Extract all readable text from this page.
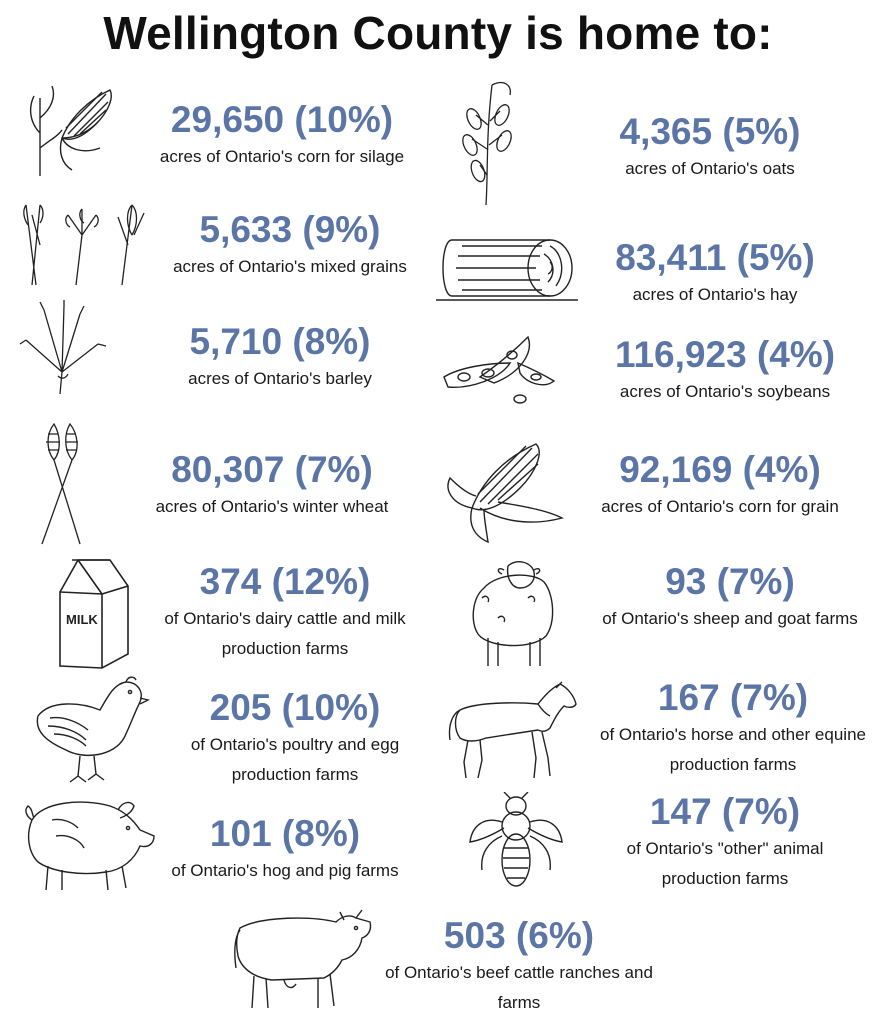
Wellington County is home to:
29,650 (10%)
acres of Ontario's corn for silage
4,365 (5%)
acres of Ontario's oats
5,633 (9%)
acres of Ontario's mixed grains	83,411 (5%)
acres of Ontario's hay
5,710 (8%)
acres of Ontario's barley
116,923 (4%)
acres of Ontario's soybeans
80,307 (7%)
acres of Ontario's winter wheat
92,169 (4%)
acres of Ontario's corn for grain
MILK
374 (12%)
of Ontario's dairy cattle and milk production farms
93 (7%)
of Ontario's sheep and goat farms
205 (10%)
of Ontario's poultry and egg production farms
167 (7%)
of Ontario's horse and other equine production farms
101 (8%)
of Ontario's hog and pig farms
147 (7%)
of Ontario's "other" animal production farms
503 (6%)
of Ontario's beef cattle ranches and farms
